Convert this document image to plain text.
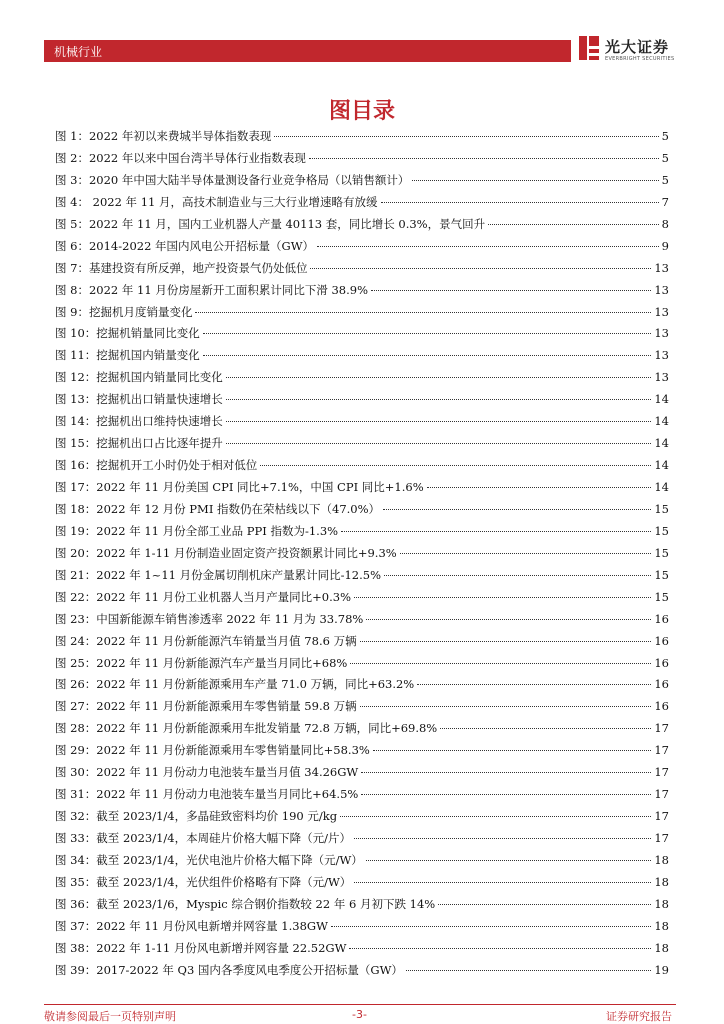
机械行业	光大证券
EVERBRIGHT SECURITIES
图目录
图 1：2022 年初以来费城半导体指数表现	5
图 2：2022 年以来中国台湾半导体行业指数表现	5
图 3：2020 年中国大陆半导体量测设备行业竞争格局（以销售额计）	5
图 4： 2022 年 11 月，高技术制造业与三大行业增速略有放缓	7
图 5：2022 年 11 月，国内工业机器人产量 40113 套，同比增长 0.3%，景气回升	8
图 6：2014-2022 年国内风电公开招标量（GW）	9
图 7：基建投资有所反弹，地产投资景气仍处低位	13
图 8：2022 年 11 月份房屋新开工面积累计同比下滑 38.9%	13
图 9：挖掘机月度销量变化	13
图 10：挖掘机销量同比变化	13
图 11：挖掘机国内销量变化	13
图 12：挖掘机国内销量同比变化	13
图 13：挖掘机出口销量快速增长	14
图 14：挖掘机出口维持快速增长	14
图 15：挖掘机出口占比逐年提升	14
图 16：挖掘机开工小时仍处于相对低位	14
图 17：2022 年 11 月份美国 CPI 同比+7.1%，中国 CPI 同比+1.6%	14
图 18：2022 年 12 月份 PMI 指数仍在荣枯线以下（47.0%）	15
图 19：2022 年 11 月份全部工业品 PPI 指数为-1.3%	15
图 20：2022 年 1-11 月份制造业固定资产投资额累计同比+9.3%	15
图 21：2022 年 1~11 月份金属切削机床产量累计同比-12.5%	15
图 22：2022 年 11 月份工业机器人当月产量同比+0.3%	15
图 23：中国新能源车销售渗透率 2022 年 11 月为 33.78%	16
图 24：2022 年 11 月份新能源汽车销量当月值 78.6 万辆	16
图 25：2022 年 11 月份新能源汽车产量当月同比+68%	16
图 26：2022 年 11 月份新能源乘用车产量 71.0 万辆，同比+63.2%	16
图 27：2022 年 11 月份新能源乘用车零售销量 59.8 万辆	16
图 28：2022 年 11 月份新能源乘用车批发销量 72.8 万辆，同比+69.8%	17
图 29：2022 年 11 月份新能源乘用车零售销量同比+58.3%	17
图 30：2022 年 11 月份动力电池装车量当月值 34.26GW	17
图 31：2022 年 11 月份动力电池装车量当月同比+64.5%	17
图 32：截至 2023/1/4，多晶硅致密料均价 190 元/kg	17
图 33：截至 2023/1/4，本周硅片价格大幅下降（元/片）	17
图 34：截至 2023/1/4，光伏电池片价格大幅下降（元/W）	18
图 35：截至 2023/1/4，光伏组件价格略有下降（元/W）	18
图 36：截至 2023/1/6，Myspic 综合钢价指数较 22 年 6 月初下跌 14%	18
图 37：2022 年 11 月份风电新增并网容量 1.38GW	18
图 38：2022 年 1-11 月份风电新增并网容量 22.52GW	18
图 39：2017-2022 年 Q3 国内各季度风电季度公开招标量（GW）	19
敬请参阅最后一页特别声明	-3-	证券研究报告
